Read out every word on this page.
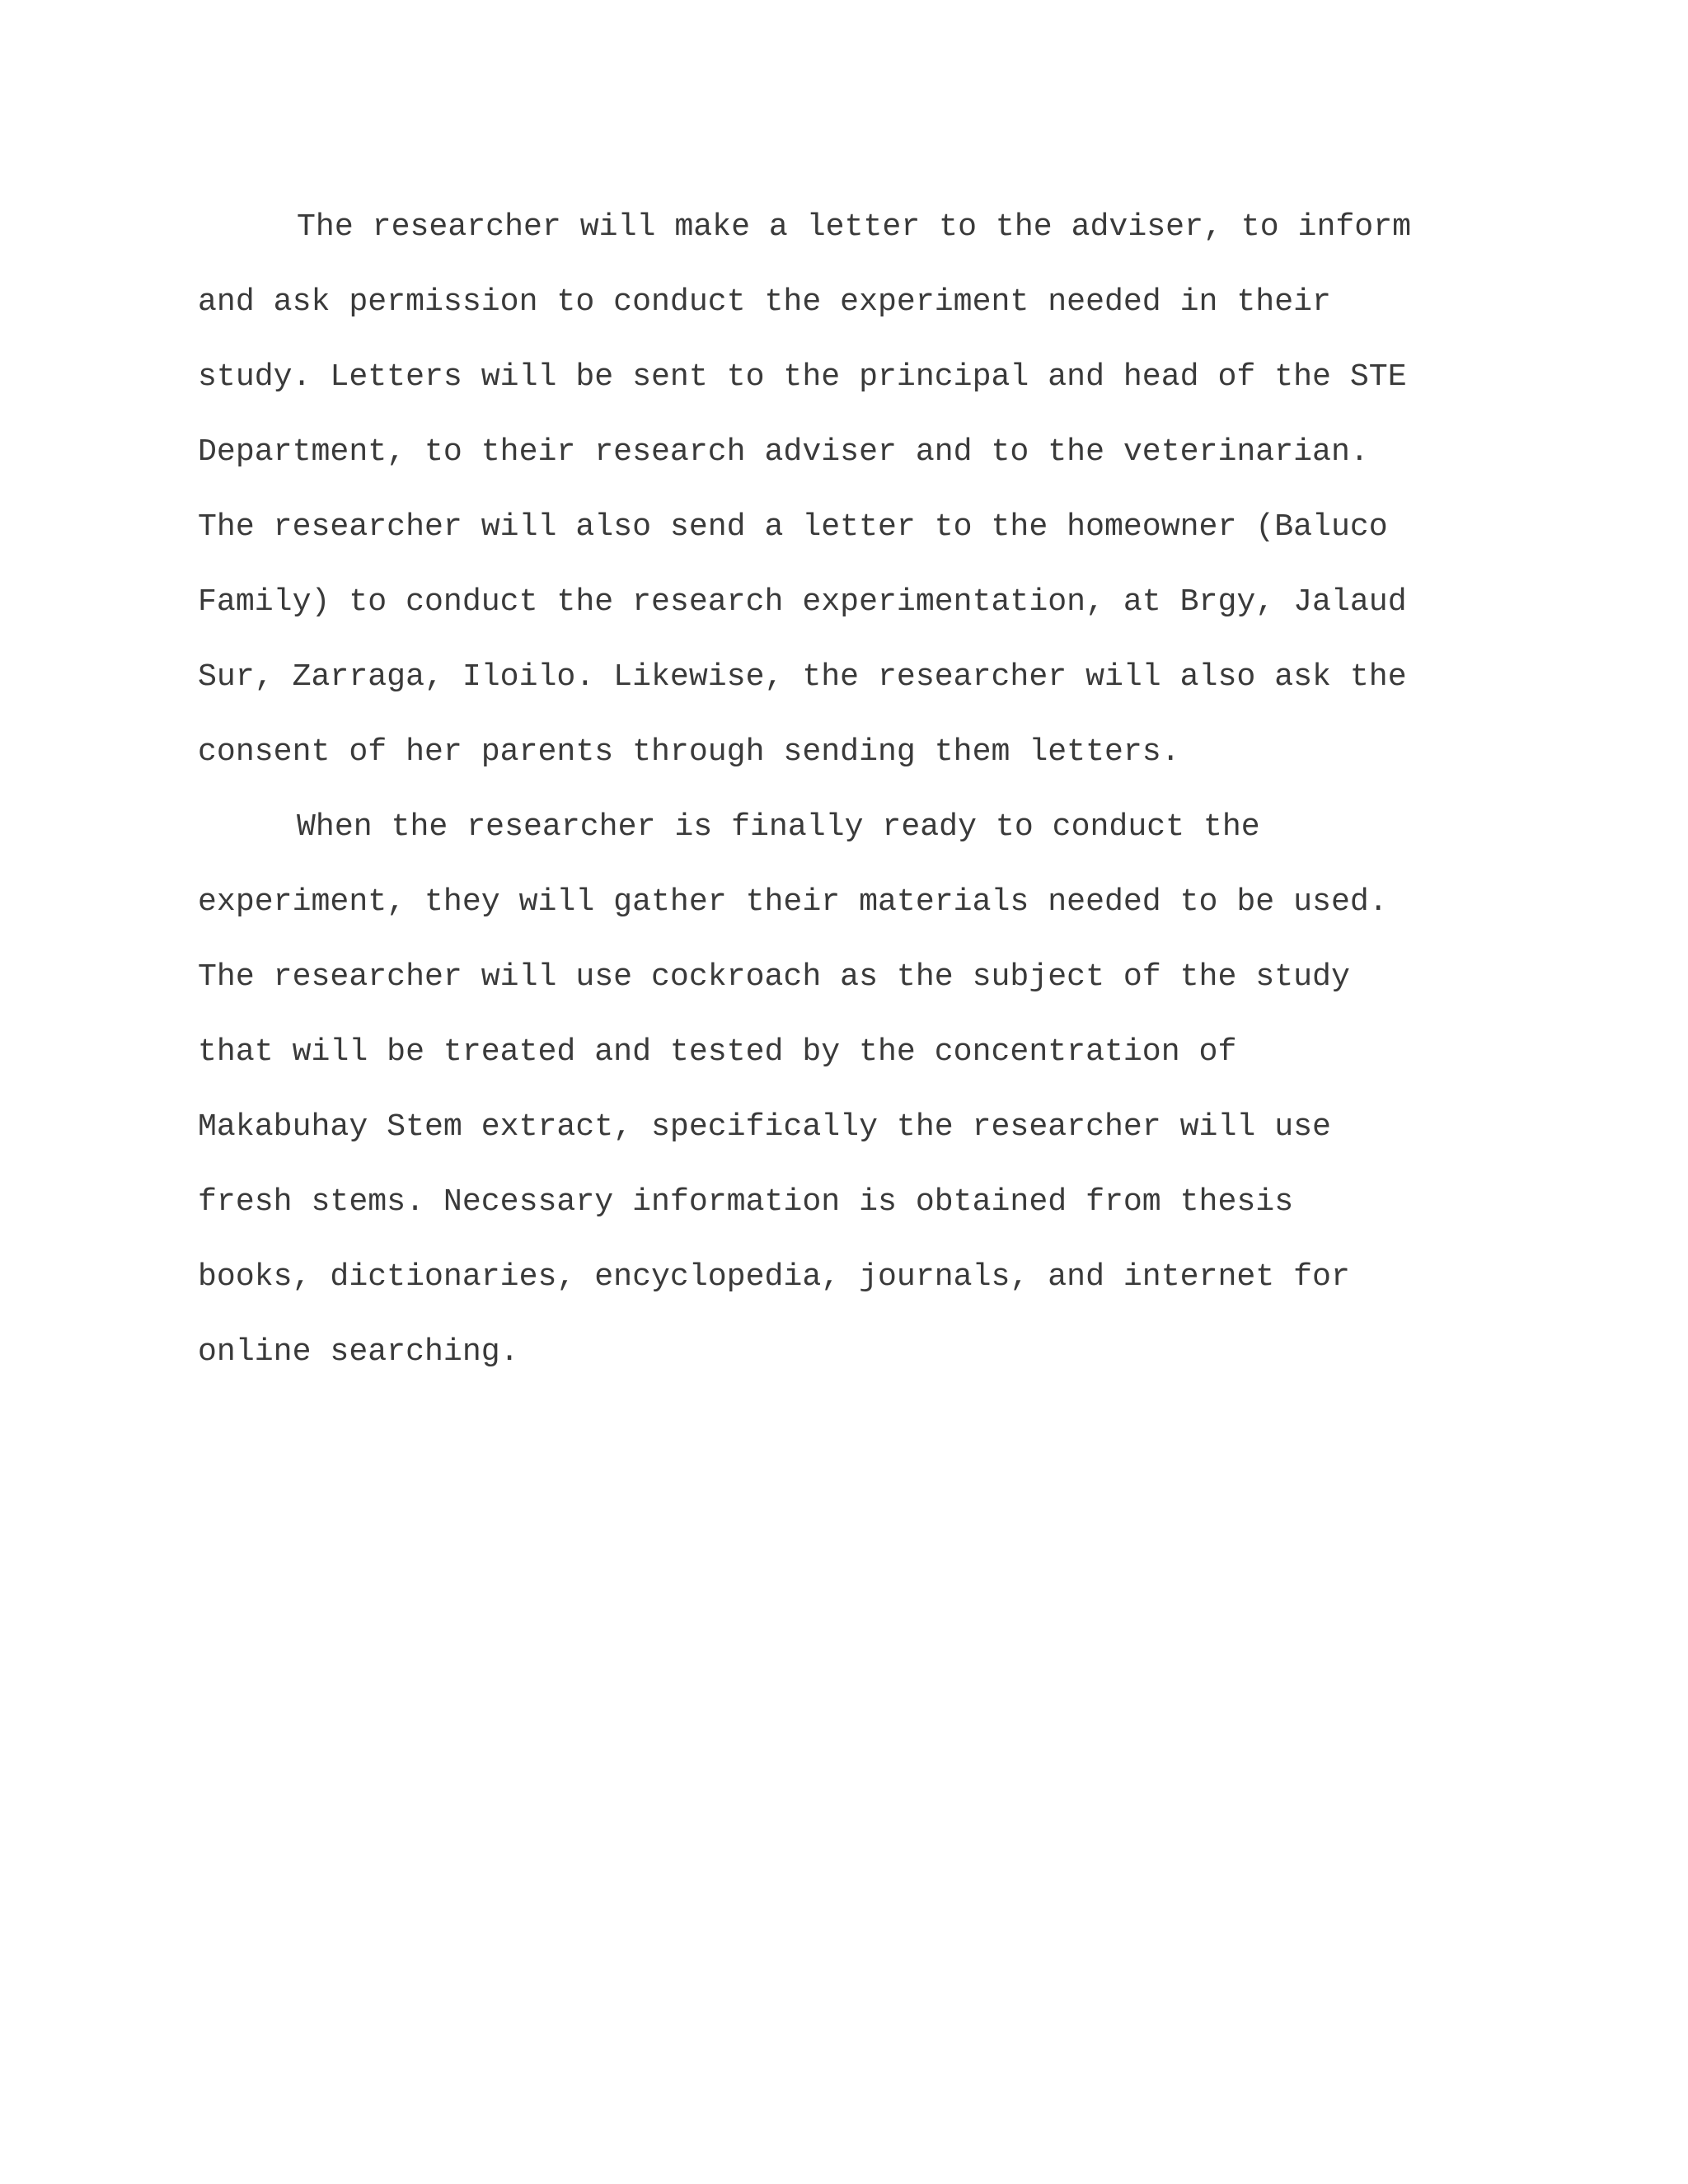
The researcher will make a letter to the adviser, to inform
and ask permission to conduct the experiment needed in their
study. Letters will be sent to the principal and head of the STE
Department, to their research adviser and to the veterinarian.
The researcher will also send a letter to the homeowner (Baluco
Family) to conduct the research experimentation, at Brgy, Jalaud
Sur, Zarraga, Iloilo. Likewise, the researcher will also ask the
consent of her parents through sending them letters.
When the researcher is finally ready to conduct the
experiment, they will gather their materials needed to be used.
The researcher will use cockroach as the subject of the study
that will be treated and tested by the concentration of
Makabuhay Stem extract, specifically the researcher will use
fresh stems. Necessary information is obtained from thesis
books, dictionaries, encyclopedia, journals, and internet for
online searching.
